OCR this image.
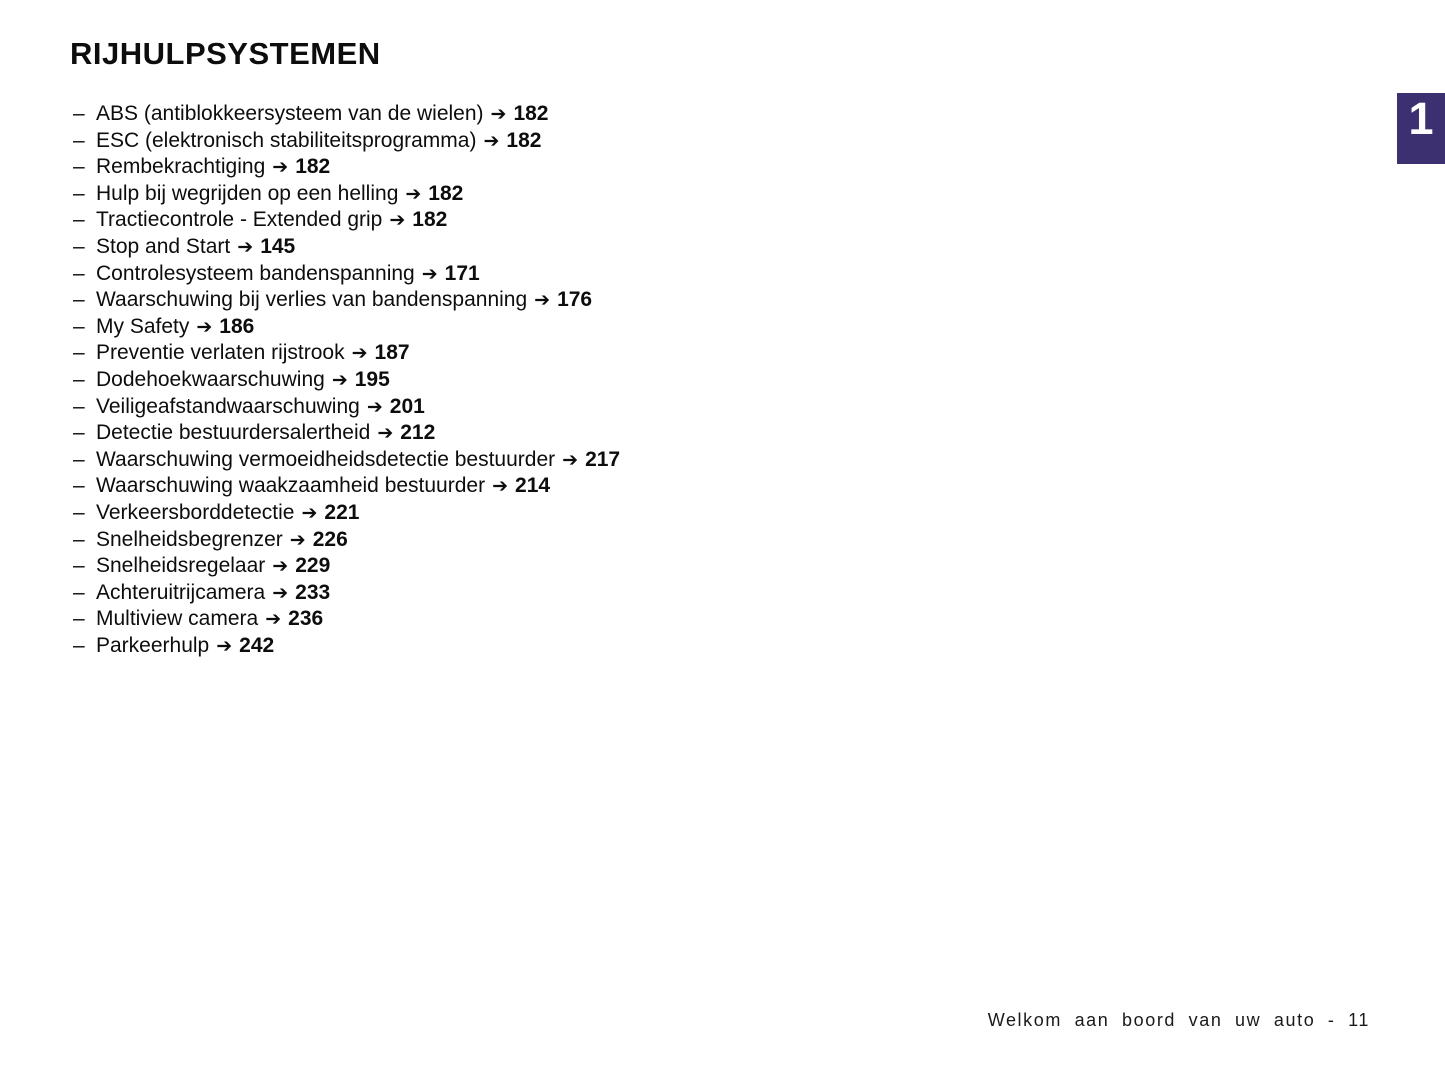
RIJHULPSYSTEMEN
– ABS (antiblokkeersysteem van de wielen) ➔ 182
– ESC (elektronisch stabiliteitsprogramma) ➔ 182
– Rembekrachtiging ➔ 182
– Hulp bij wegrijden op een helling ➔ 182
– Tractiecontrole - Extended grip ➔ 182
– Stop and Start ➔ 145
– Controlesysteem bandenspanning ➔ 171
– Waarschuwing bij verlies van bandenspanning ➔ 176
– My Safety ➔ 186
– Preventie verlaten rijstrook ➔ 187
– Dodehoekwaarschuwing ➔ 195
– Veiligeafstandwaarschuwing ➔ 201
– Detectie bestuurdersalertheid ➔ 212
– Waarschuwing vermoeidheidsdetectie bestuurder ➔ 217
– Waarschuwing waakzaamheid bestuurder ➔ 214
– Verkeersborddetectie ➔ 221
– Snelheidsbegrenzer ➔ 226
– Snelheidsregelaar ➔ 229
– Achteruitrijcamera ➔ 233
– Multiview camera ➔ 236
– Parkeerhulp ➔ 242
1
Welkom aan boord van uw auto - 11
